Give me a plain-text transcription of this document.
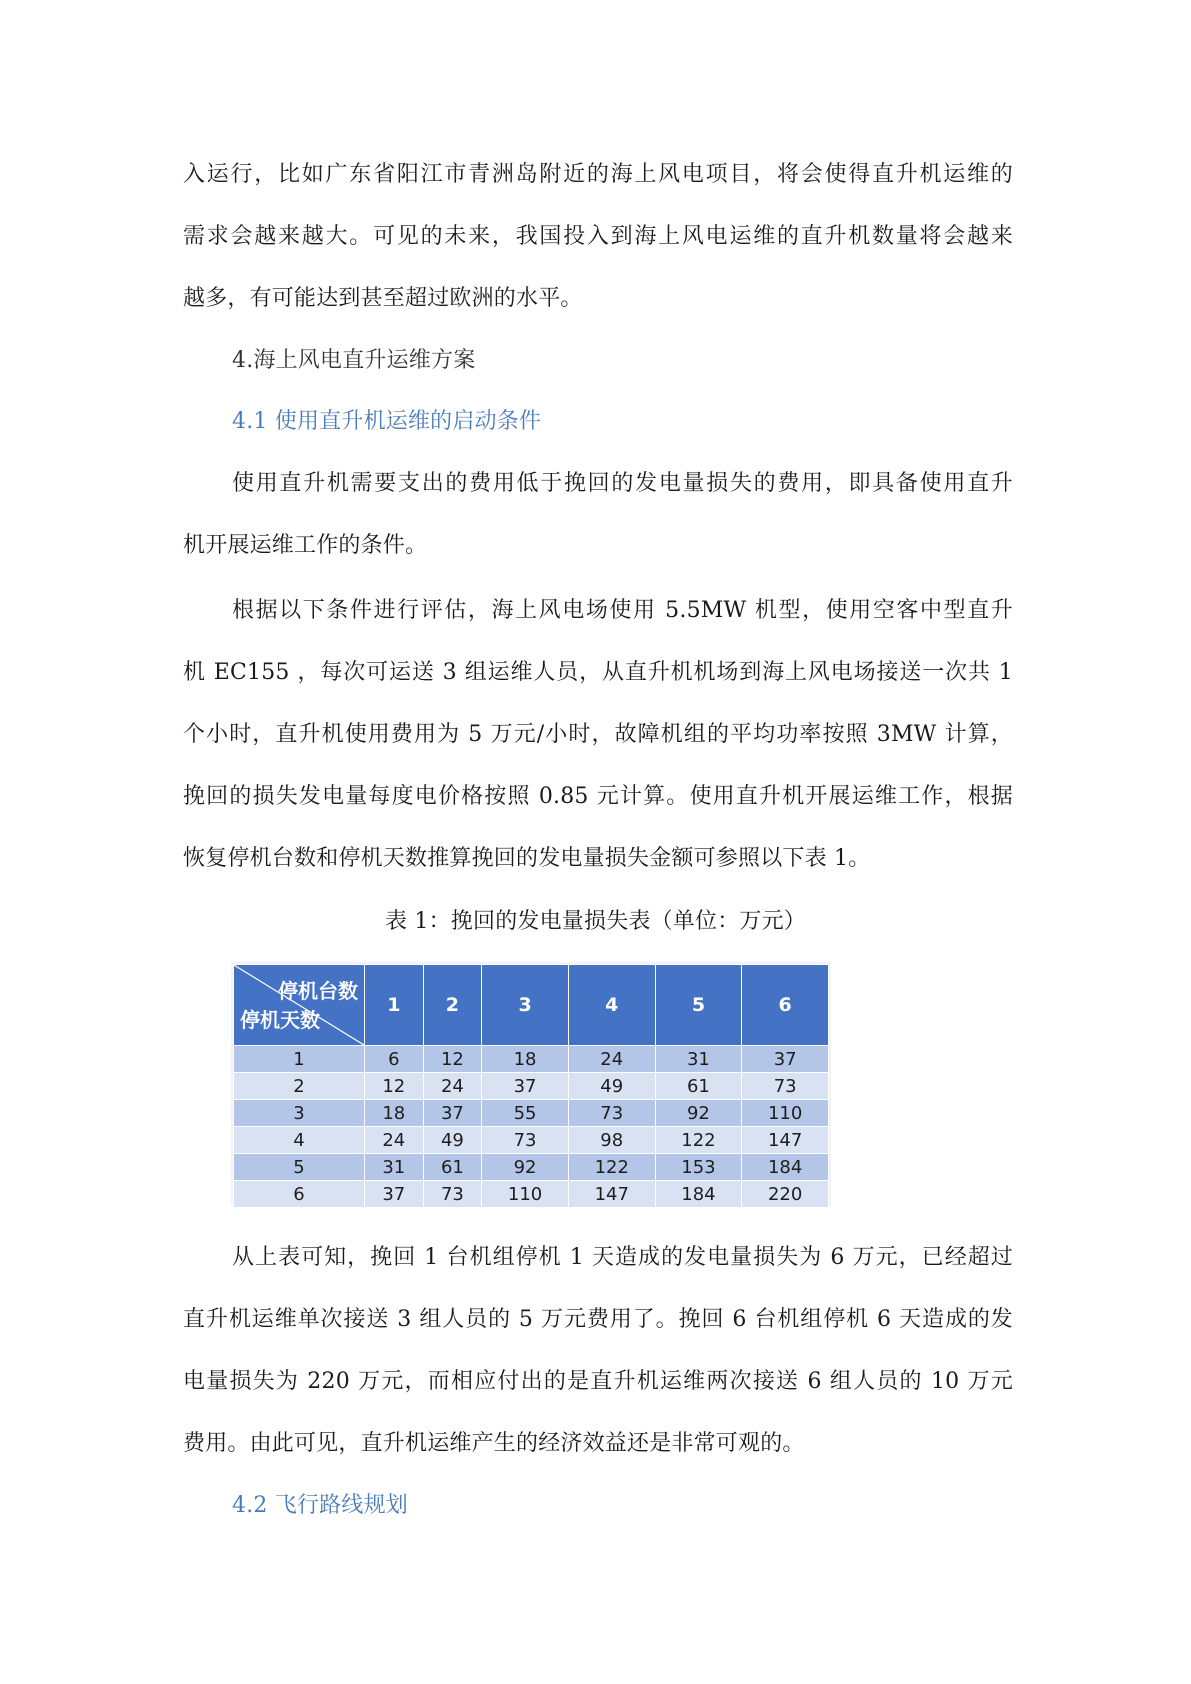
入运行，比如广东省阳江市青洲岛附近的海上风电项目，将会使得直升机运维的
需求会越来越大。可见的未来，我国投入到海上风电运维的直升机数量将会越来
越多，有可能达到甚至超过欧洲的水平。
4.海上风电直升运维方案
4.1 使用直升机运维的启动条件
使用直升机需要支出的费用低于挽回的发电量损失的费用，即具备使用直升
机开展运维工作的条件。
根据以下条件进行评估，海上风电场使用 5.5MW 机型，使用空客中型直升
机 EC155 ，每次可运送 3 组运维人员，从直升机机场到海上风电场接送一次共 1
个小时，直升机使用费用为 5 万元/小时，故障机组的平均功率按照 3MW 计算，
挽回的损失发电量每度电价格按照 0.85 元计算。使用直升机开展运维工作，根据
恢复停机台数和停机天数推算挽回的发电量损失金额可参照以下表 1。
表 1：挽回的发电量损失表（单位：万元）
停机台数
停机天数	1	2	3	4	5	6
1	6	12	18	24	31	37
2	12	24	37	49	61	73
3	18	37	55	73	92	110
4	24	49	73	98	122	147
5	31	61	92	122	153	184
6	37	73	110	147	184	220
从上表可知，挽回 1 台机组停机 1 天造成的发电量损失为 6 万元，已经超过
直升机运维单次接送 3 组人员的 5 万元费用了。挽回 6 台机组停机 6 天造成的发
电量损失为 220 万元，而相应付出的是直升机运维两次接送 6 组人员的 10 万元
费用。由此可见，直升机运维产生的经济效益还是非常可观的。
4.2 飞行路线规划
